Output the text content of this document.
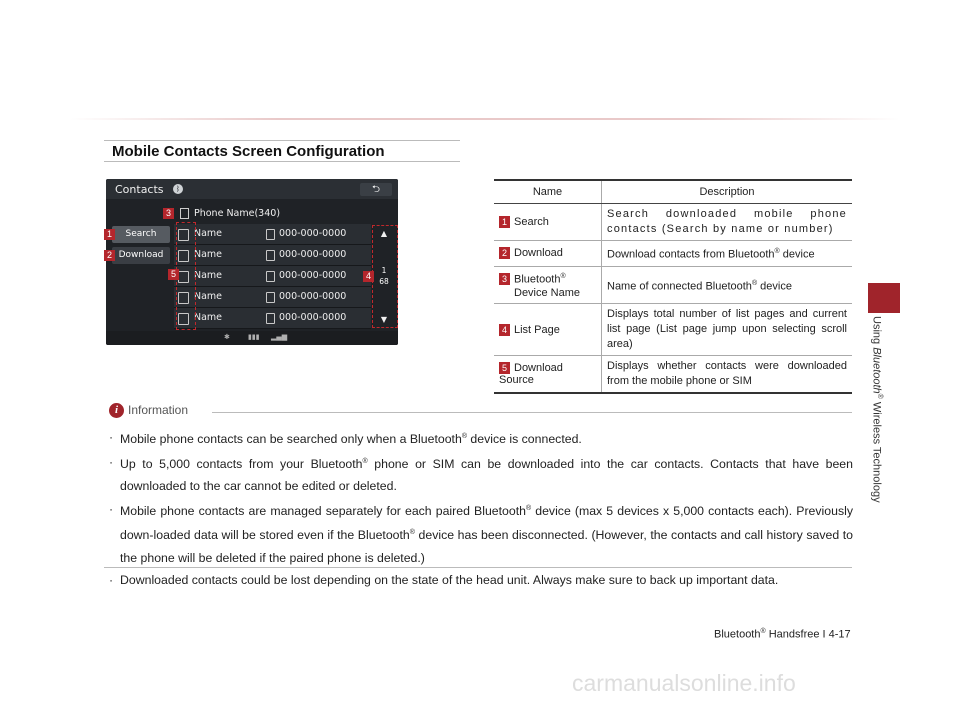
Using Bluetooth® Wireless Technology
Mobile Contacts Screen Configuration
Contacts	ᛒ	⮌
Phone Name(340)
Search
Download
Name	000-000-0000
Name	000-000-0000
Name	000-000-0000
Name	000-000-0000
Name	000-000-0000
▲
1
68
▼
✱	▮▮▮ ▂▄▆
1
2
3
4
5
Name	Description
1 Search	Search downloaded mobile phone contacts (Search by name or number)
2 Download	Download contacts from Bluetooth® device
3 Bluetooth®
Device Name	Name of connected Bluetooth® device
4 List Page	Displays total number of list pages and current list page (List page jump upon selecting scroll area)
5 Download Source	Displays whether contacts were downloaded from the mobile phone or SIM
i Information
· Mobile phone contacts can be searched only when a Bluetooth® device is connected.
· Up to 5,000 contacts from your Bluetooth® phone or SIM can be downloaded into the car contacts. Contacts that have been downloaded to the car cannot be edited or deleted.
· Mobile phone contacts are managed separately for each paired Bluetooth® device (max 5 devices x 5,000 contacts each). Previously down-loaded data will be stored even if the Bluetooth® device has been disconnected. (However, the contacts and call history saved to the phone will be deleted if the paired phone is deleted.)
· Downloaded contacts could be lost depending on the state of the head unit. Always make sure to back up important data.
Bluetooth® Handsfree I 4-17
carmanualsonline.info
